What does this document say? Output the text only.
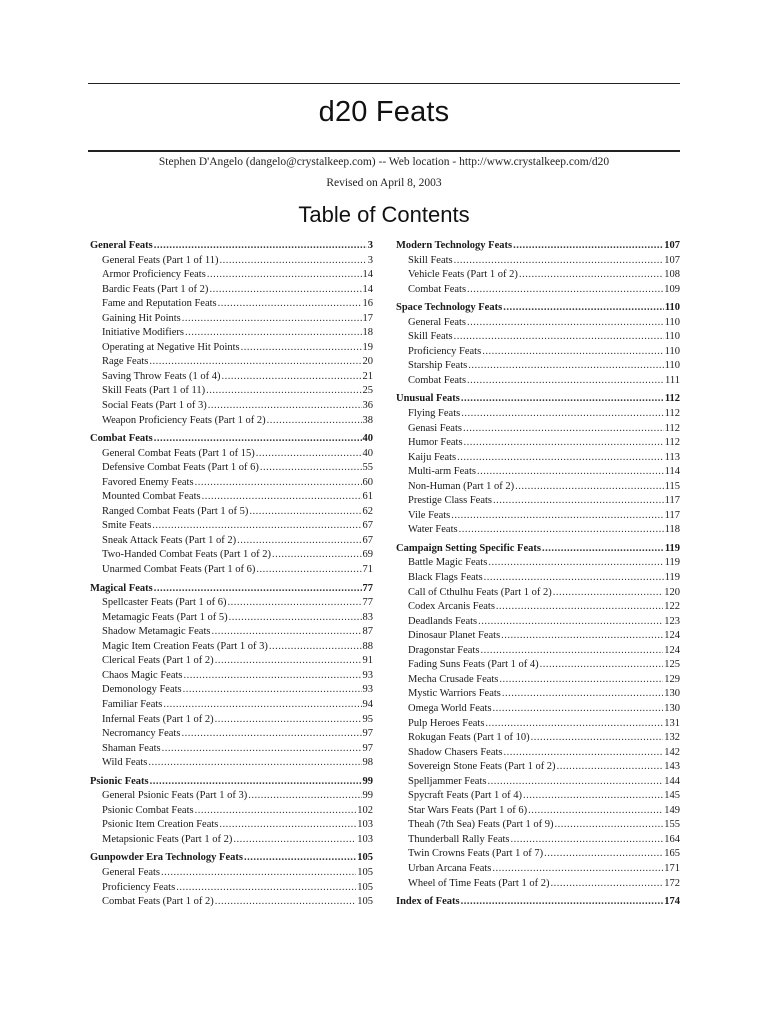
d20 Feats
Stephen D'Angelo (dangelo@crystalkeep.com) -- Web location - http://www.crystalkeep.com/d20
Revised on April 8, 2003
Table of Contents
General Feats .....	3
General Feats (Part 1 of 11) .....	3
Armor Proficiency Feats .....	14
Bardic Feats (Part 1 of 2) .....	14
Fame and Reputation Feats .....	16
Gaining Hit Points .....	17
Initiative Modifiers .....	18
Operating at Negative Hit Points .....	19
Rage Feats .....	20
Saving Throw Feats (1 of 4) .....	21
Skill Feats (Part 1 of 11) .....	25
Social Feats (Part 1 of 3) .....	36
Weapon Proficiency Feats (Part 1 of 2) .....	38
Combat Feats .....	40
General Combat Feats (Part 1 of 15) .....	40
Defensive Combat Feats (Part 1 of 6) .....	55
Favored Enemy Feats .....	60
Mounted Combat Feats .....	61
Ranged Combat Feats (Part 1 of 5) .....	62
Smite Feats .....	67
Sneak Attack Feats (Part 1 of 2) .....	67
Two-Handed Combat Feats (Part 1 of 2) .....	69
Unarmed Combat Feats (Part 1 of 6) .....	71
Magical Feats .....	77
Spellcaster Feats (Part 1 of 6) .....	77
Metamagic Feats (Part 1 of 5) .....	83
Shadow Metamagic Feats .....	87
Magic Item Creation Feats (Part 1 of 3) .....	88
Clerical Feats (Part 1 of 2) .....	91
Chaos Magic Feats .....	93
Demonology Feats .....	93
Familiar Feats .....	94
Infernal Feats (Part 1 of 2) .....	95
Necromancy Feats .....	97
Shaman Feats .....	97
Wild Feats .....	98
Psionic Feats .....	99
General Psionic Feats (Part 1 of 3) .....	99
Psionic Combat Feats .....	102
Psionic Item Creation Feats .....	103
Metapsionic Feats (Part 1 of 2) .....	103
Gunpowder Era Technology Feats .....	105
General Feats .....	105
Proficiency Feats .....	105
Combat Feats (Part 1 of 2) .....	105
Modern Technology Feats .....	107
Skill Feats .....	107
Vehicle Feats (Part 1 of 2) .....	108
Combat Feats .....	109
Space Technology Feats .....	110
General Feats .....	110
Skill Feats .....	110
Proficiency Feats .....	110
Starship Feats .....	110
Combat Feats .....	111
Unusual Feats .....	112
Flying Feats .....	112
Genasi Feats .....	112
Humor Feats .....	112
Kaiju Feats .....	113
Multi-arm Feats .....	114
Non-Human (Part 1 of 2) .....	115
Prestige Class Feats .....	117
Vile Feats .....	117
Water Feats .....	118
Campaign Setting Specific Feats .....	119
Battle Magic Feats .....	119
Black Flags Feats .....	119
Call of Cthulhu Feats (Part 1 of 2) .....	120
Codex Arcanis Feats .....	122
Deadlands Feats .....	123
Dinosaur Planet Feats .....	124
Dragonstar Feats .....	124
Fading Suns Feats (Part 1 of 4) .....	125
Mecha Crusade Feats .....	129
Mystic Warriors Feats .....	130
Omega World Feats .....	130
Pulp Heroes Feats .....	131
Rokugan Feats (Part 1 of 10) .....	132
Shadow Chasers Feats .....	142
Sovereign Stone Feats (Part 1 of 2) .....	143
Spelljammer Feats .....	144
Spycraft Feats (Part 1 of 4) .....	145
Star Wars Feats (Part 1 of 6) .....	149
Theah (7th Sea) Feats (Part 1 of 9) .....	155
Thunderball Rally Feats .....	164
Twin Crowns Feats (Part 1 of 7) .....	165
Urban Arcana Feats .....	171
Wheel of Time Feats (Part 1 of 2) .....	172
Index of Feats .....	174
